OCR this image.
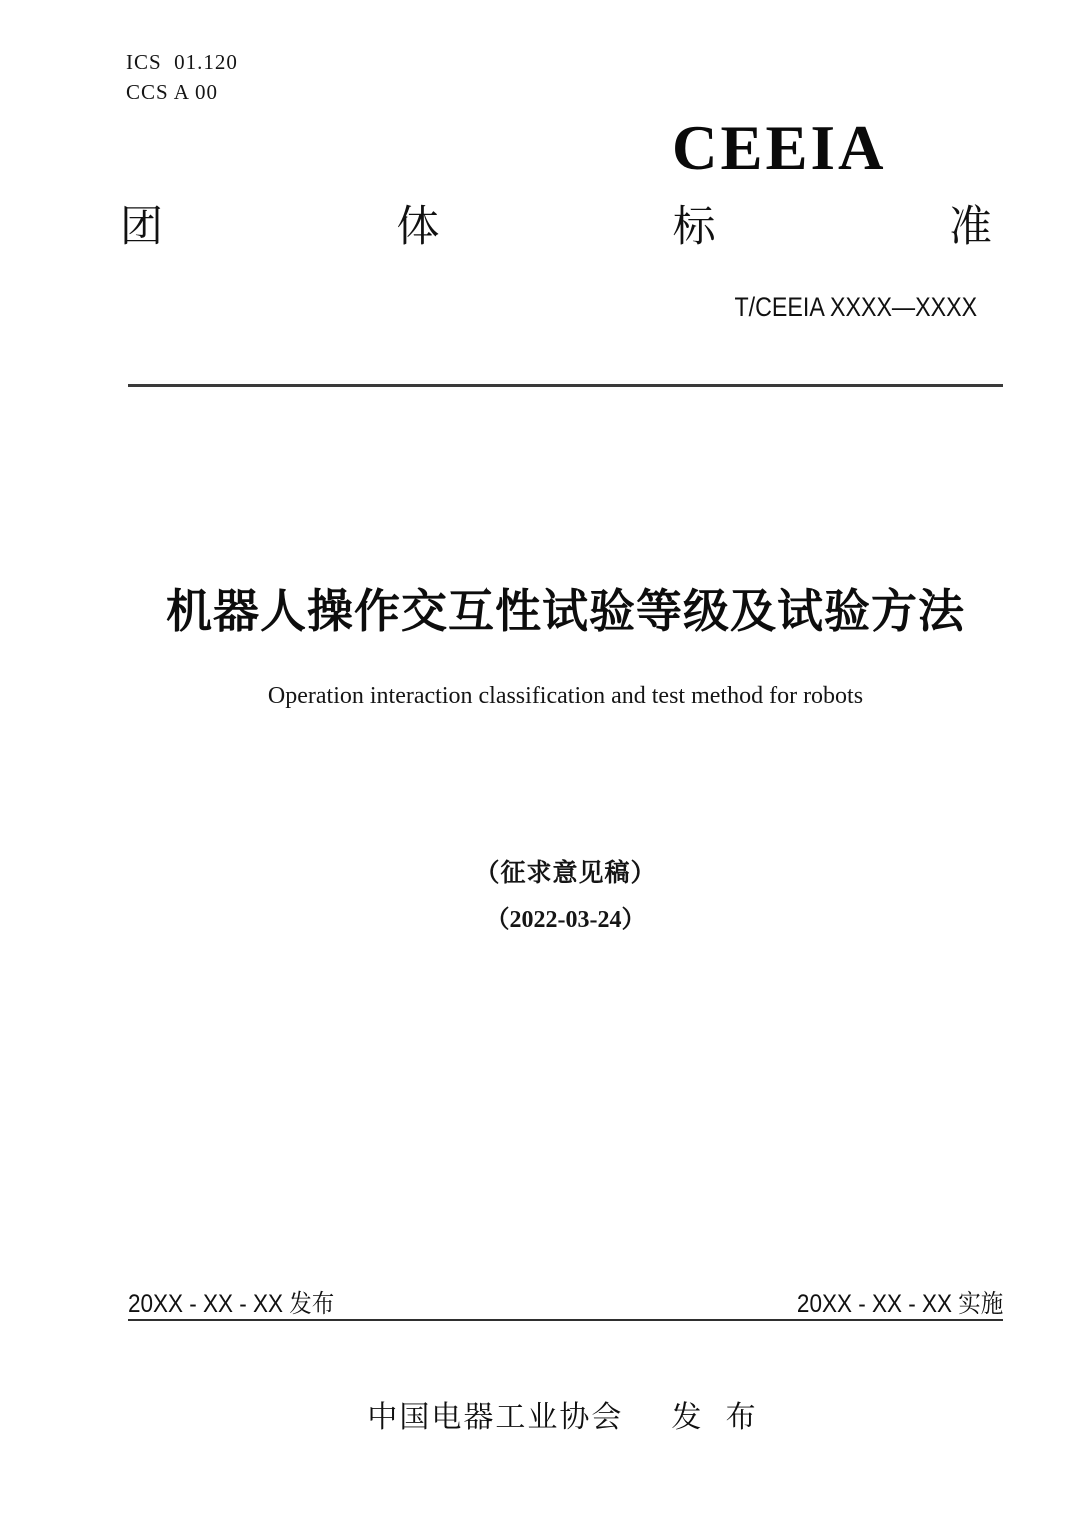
ICS  01.120
CCS A 00
CEEIA
团	体	标	准
T/CEEIA XXXX—XXXX
机器人操作交互性试验等级及试验方法
Operation interaction classification and test method for robots
（征求意见稿）
（2022-03-24）
20XX - XX - XX 发布	20XX - XX - XX 实施
中国电器工业协会 发 布
